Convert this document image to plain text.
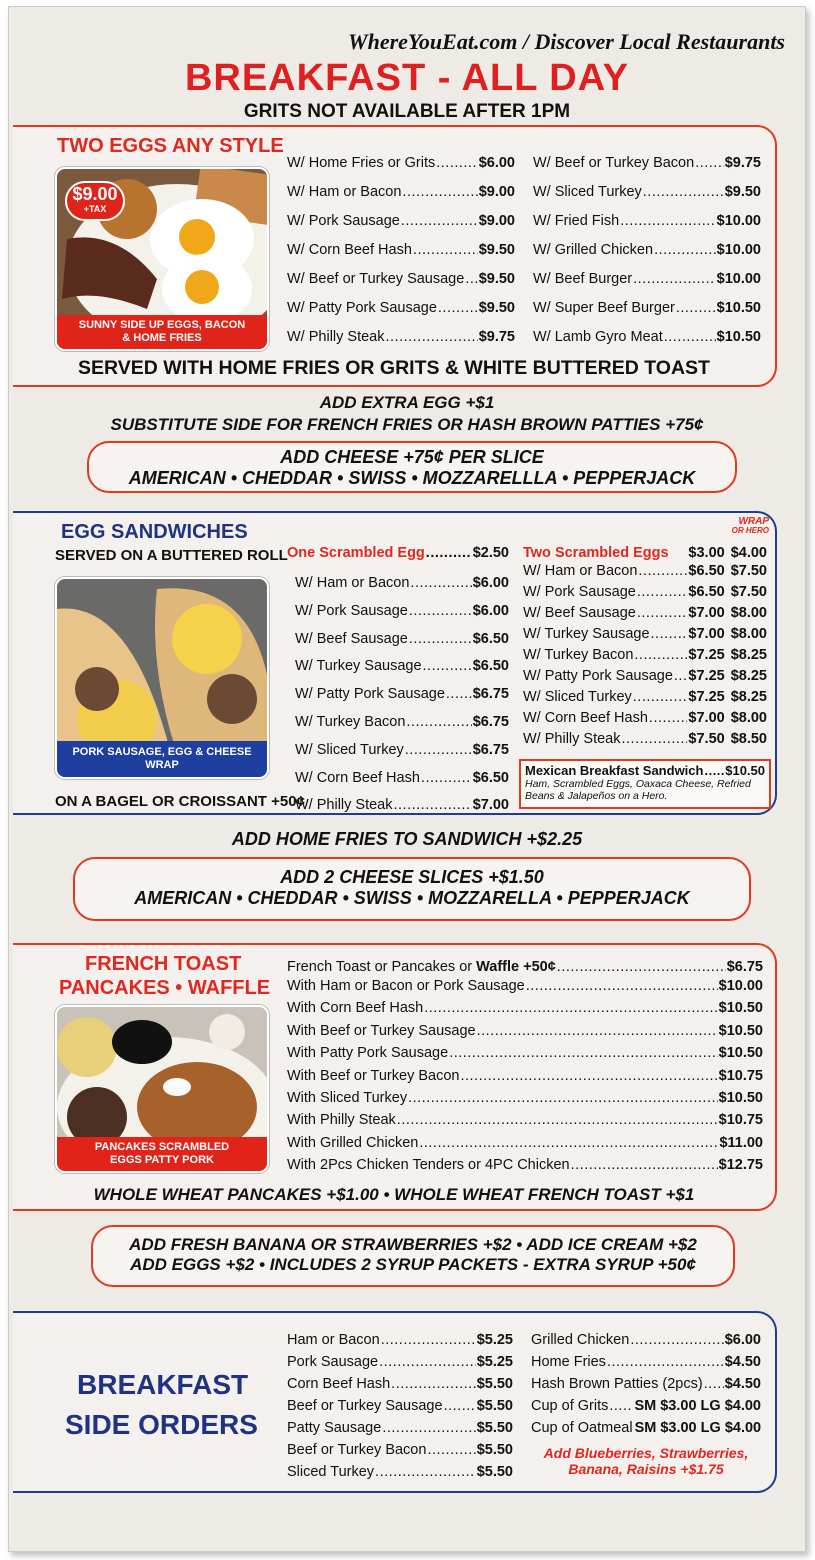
WhereYouEat.com / Discover Local Restaurants
BREAKFAST - ALL DAY
GRITS NOT AVAILABLE AFTER 1PM
TWO EGGS ANY STYLE
$9.00
+TAX
SUNNY SIDE UP EGGS, BACON & HOME FRIES
W/ Home Fries or Grits .....	$6.00
W/ Ham or Bacon .....	$9.00
W/ Pork Sausage .....	$9.00
W/ Corn Beef Hash .....	$9.50
W/ Beef or Turkey Sausage ..... $9.50
W/ Patty Pork Sausage .....	$9.50
W/ Philly Steak .....	$9.75
W/ Beef or Turkey Bacon ..... $9.75
W/ Sliced Turkey .....	$9.50
W/ Fried Fish .....	$10.00
W/ Grilled Chicken .....	$10.00
W/ Beef Burger .....	$10.00
W/ Super Beef Burger .....	$10.50
W/ Lamb Gyro Meat .....	$10.50
SERVED WITH HOME FRIES OR GRITS & WHITE BUTTERED TOAST
ADD EXTRA EGG +$1
SUBSTITUTE SIDE FOR FRENCH FRIES OR HASH BROWN PATTIES +75¢
ADD CHEESE +75¢ PER SLICE
AMERICAN • CHEDDAR • SWISS • MOZZARELLLA • PEPPERJACK
EGG SANDWICHES
SERVED ON A BUTTERED ROLL
PORK SAUSAGE, EGG & CHEESE WRAP
ON A BAGEL OR CROISSANT +50¢
WRAP
OR HERO
One Scrambled Egg .....	$2.50
W/ Ham or Bacon .....	$6.00
W/ Pork Sausage .....	$6.00
W/ Beef Sausage .....	$6.50
W/ Turkey Sausage .....	$6.50
W/ Patty Pork Sausage ..... $6.75
W/ Turkey Bacon .....	$6.75
W/ Sliced Turkey .....	$6.75
W/ Corn Beef Hash .....	$6.50
W/ Philly Steak .....	$7.00
Two Scrambled Eggs $3.00 $4.00
W/ Ham or Bacon .....	$6.50 $7.50
W/ Pork Sausage .....	$6.50 $7.50
W/ Beef Sausage .....	$7.00 $8.00
W/ Turkey Sausage .....	$7.00 $8.00
W/ Turkey Bacon .....	$7.25 $8.25
W/ Patty Pork Sausage ..... $7.25 $8.25
W/ Sliced Turkey .....	$7.25 $8.25
W/ Corn Beef Hash .....	$7.00 $8.00
W/ Philly Steak .....	$7.50 $8.50
Mexican Breakfast Sandwich ..... $10.50
Ham, Scrambled Eggs, Oaxaca Cheese, Refried Beans & Jalapeños on a Hero.
ADD HOME FRIES TO SANDWICH +$2.25
ADD 2 CHEESE SLICES +$1.50
AMERICAN • CHEDDAR • SWISS • MOZZARELLA • PEPPERJACK
FRENCH TOAST
PANCAKES • WAFFLE
PANCAKES SCRAMBLED EGGS PATTY PORK
French Toast or Pancakes or Waffle +50¢ .....	$6.75
With Ham or Bacon or Pork Sausage .....	$10.00
With Corn Beef Hash .....	$10.50
With Beef or Turkey Sausage .....	$10.50
With Patty Pork Sausage .....	$10.50
With Beef or Turkey Bacon .....	$10.75
With Sliced Turkey .....	$10.50
With Philly Steak .....	$10.75
With Grilled Chicken .....	$11.00
With 2Pcs Chicken Tenders or 4PC Chicken .....	$12.75
WHOLE WHEAT PANCAKES +$1.00 • WHOLE WHEAT FRENCH TOAST +$1
ADD FRESH BANANA OR STRAWBERRIES +$2 • ADD ICE CREAM +$2
ADD EGGS +$2 • INCLUDES 2 SYRUP PACKETS - EXTRA SYRUP +50¢
BREAKFAST
SIDE ORDERS
Ham or Bacon .....	$5.25
Pork Sausage .....	$5.25
Corn Beef Hash .....	$5.50
Beef or Turkey Sausage ..... $5.50
Patty Sausage .....	$5.50
Beef or Turkey Bacon .....	$5.50
Sliced Turkey .....	$5.50
Grilled Chicken .....	$6.00
Home Fries .....	$4.50
Hash Brown Patties (2pcs) ..... $4.50
Cup of Grits ..... SM $3.00 LG $4.00
Cup of Oatmeal SM $3.00 LG $4.00
Add Blueberries, Strawberries,
Banana, Raisins +$1.75
